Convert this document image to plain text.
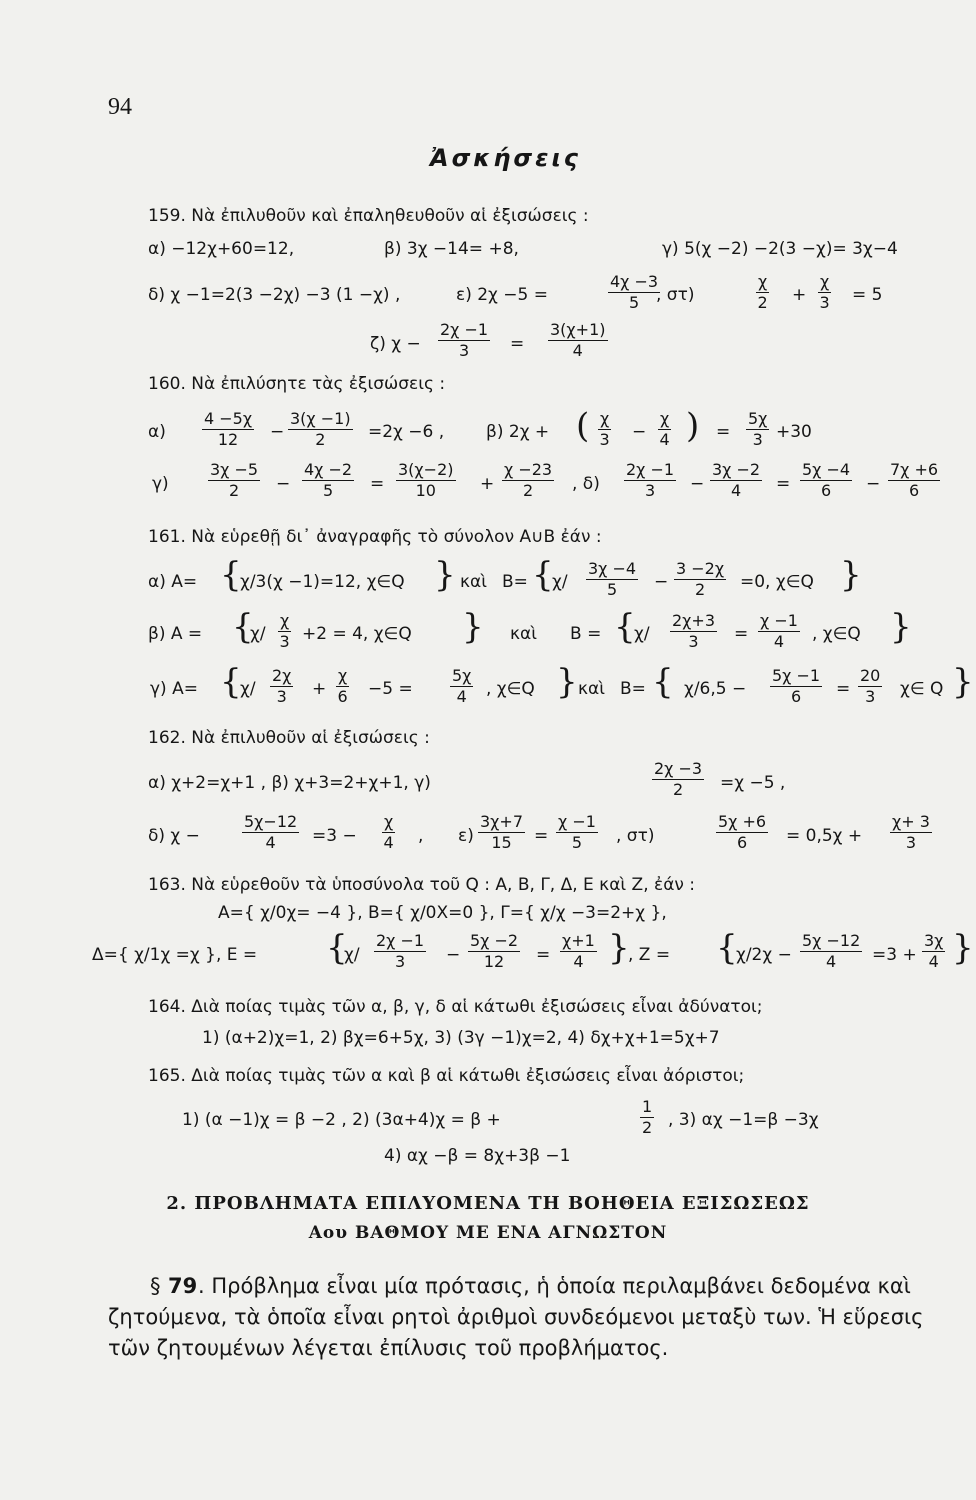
94
Ἀσκήσεις
159. Νὰ ἐπιλυθοῦν καὶ ἐπαληθευθοῦν αἱ ἐξισώσεις :
α) −12χ+60=12,	β) 3χ −14= +8,	γ) 5(χ −2) −2(3 −χ)= 3χ−4
δ) χ −1=2(3 −2χ) −3 (1 −χ) ,	ε) 2χ −5 =	$\frac{4\chi -3}{5}$
, στ)	$\frac{\chi}{2} + \frac{\chi}{3} = 5$
ζ) $\chi - \frac{2\chi -1}{3} = \frac{3(\chi+1)}{4}$
160. Νὰ ἐπιλύσητε τὰς ἐξισώσεις :
$\alpha) \frac{4 -5\chi}{12} - \frac{3(\chi -1)}{2} =2\chi -6$ , β) 2χ + ( $\frac{\chi}{3} - \frac{\chi}{4}$ ) = $\frac{5\chi}{3} +30$
$\gamma) \frac{3\chi -5}{2} - \frac{4\chi -2}{5} = \frac{3(\chi-2)}{10} + \frac{\chi -23}{2}$ , $\delta) \frac{2\chi -1}{3} - \frac{3\chi -2}{4} = \frac{5\chi -4}{6} - \frac{7\chi +6}{6}$
161. Νὰ εὑρεθῇ δι᾽ ἀναγραφῆς τὸ σύνολον A∪B ἐάν :
α) A= {
χ/3(χ −1)=12, χ∈Q } καὶ B= {
$\chi/ \frac{3\chi -4}{5} - \frac{3 -2\chi}{2} =0$, χ∈Q }
β) A = {
$\chi/ \frac{\chi}{3} +2 = 4$, χ∈Q } καὶ B = {
$\chi/ \frac{2\chi+3}{3} = \frac{\chi -1}{4}$ , χ∈Q }
γ) A= {
$\chi/ \frac{2\chi}{3} + \frac{\chi}{6} -5 = \frac{5\chi}{4}$ , χ∈Q } καὶ B= { $\chi/6,5 - \frac{5\chi -1}{6} = \frac{20}{3}$ χ∈ Q }
162. Νὰ ἐπιλυθοῦν αἱ ἐξισώσεις :
α) χ+2=χ+1 , β) χ+3=2+χ+1, γ)	$\frac{2\chi -3}{2} =\chi -5$ ,
δ) χ −	$\frac{5\chi-12}{4} =3 - \frac{\chi}{4}$ , $\varepsilon) \frac{3\chi+7}{15} = \frac{\chi -1}{5}$ , στ)	$\frac{5\chi +6}{6} = 0,5\chi + \frac{\chi+ 3}{3}$
163. Νὰ εὑρεθοῦν τὰ ὑποσύνολα τοῦ Q : A, B, Γ, Δ, E καὶ Z, ἐάν :
A={ χ/0χ= −4 }, B={ χ/0X=0 }, Γ={ χ/χ −3=2+χ },
Δ={ χ/1χ =χ }, E = {
$\chi/ \frac{2\chi -1}{3} - \frac{5\chi -2}{12} = \frac{\chi+1}{4}$ }
, Z = {
$\chi/2\chi - \frac{5\chi -12}{4} =3 + \frac{3\chi}{4}$ }
164. Διὰ ποίας τιμὰς τῶν α, β, γ, δ αἱ κάτωθι ἐξισώσεις εἶναι ἀδύνατοι;
1) (α+2)χ=1, 2) βχ=6+5χ, 3) (3γ −1)χ=2, 4) δχ+χ+1=5χ+7
165. Διὰ ποίας τιμὰς τῶν α καὶ β αἱ κάτωθι ἐξισώσεις εἶναι ἀόριστοι;
1) (α −1)χ = β −2 , 2) (3α+4)χ = β +	$\frac{1}{2}$ , 3) αχ −1=β −3χ
4) αχ −β = 8χ+3β −1
2. ΠΡΟΒΛΗΜΑΤΑ ΕΠΙΛΥΟΜΕΝΑ ΤΗ ΒΟΗΘΕΙΑ ΕΞΙΣΩΣΕΩΣ
Aου ΒΑΘΜΟΥ ΜΕ ΕΝΑ ΑΓΝΩΣΤΟΝ
§ 79 . Πρόβλημα εἶναι μία πρότασις, ἡ ὁποία περιλαμβάνει δεδομένα καὶ
ζητούμενα, τὰ ὁποῖα εἶναι ρητοὶ ἀριθμοὶ συνδεόμενοι μεταξὺ των. Ἡ εὕρεσις
τῶν ζητουμένων λέγεται ἐπίλυσις τοῦ προβλήματος.
